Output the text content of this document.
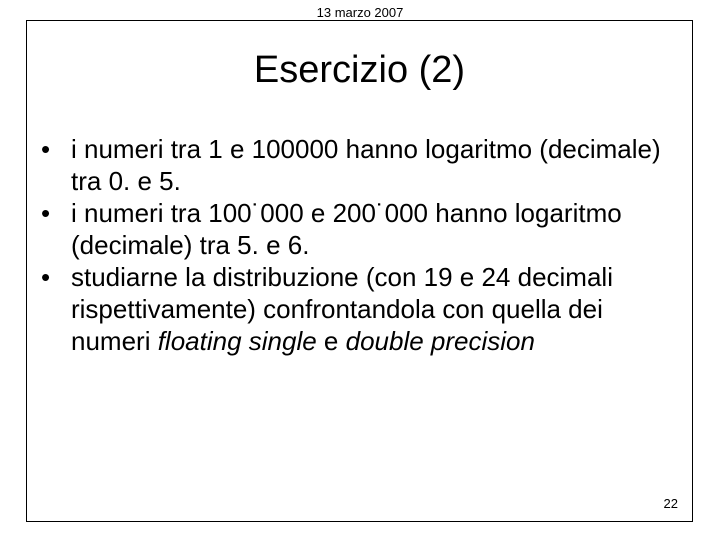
13 marzo 2007
Esercizio (2)
• i numeri tra 1 e 100000 hanno logaritmo (decimale) tra 0. e 5.
• i numeri tra 100˙000 e 200˙000 hanno logaritmo (decimale) tra 5. e 6.
• studiarne la distribuzione (con 19 e 24 decimali rispettivamente) confrontandola con quella dei numeri floating single e double precision
22
